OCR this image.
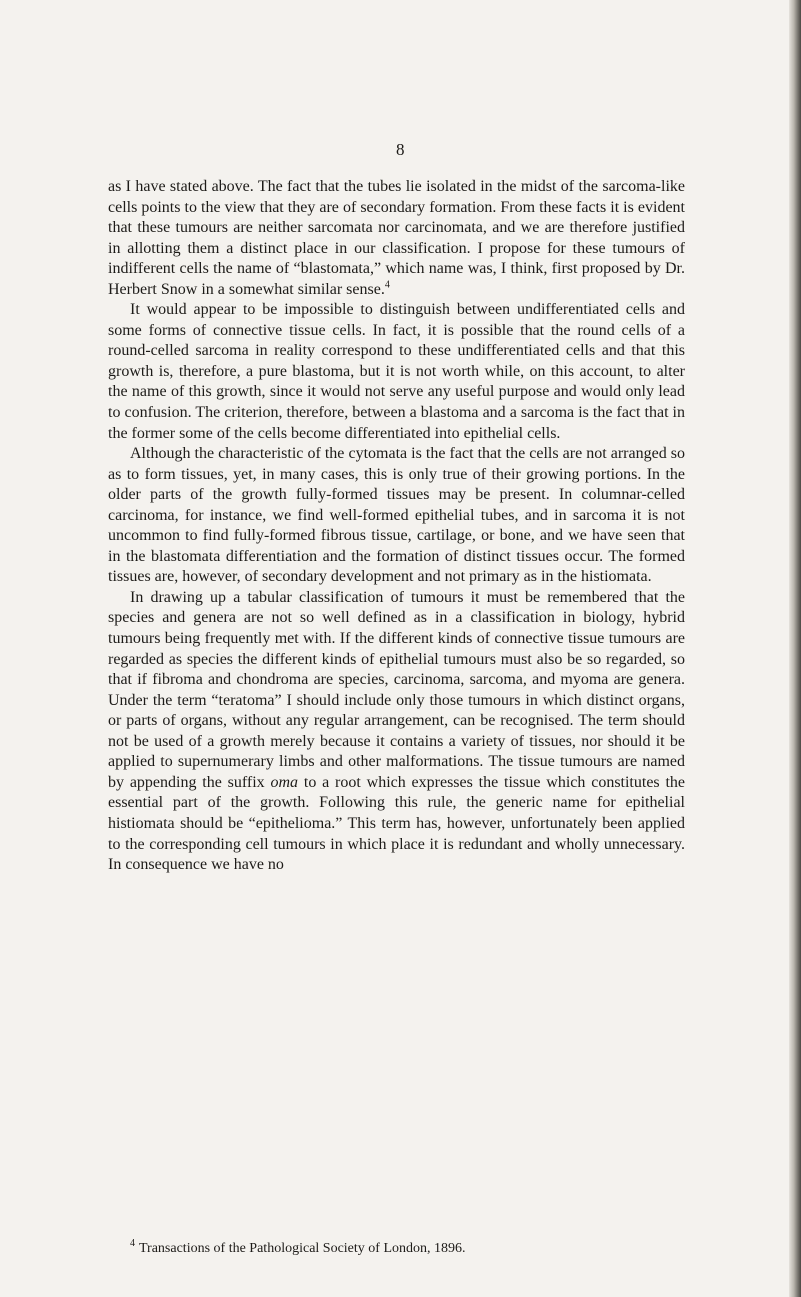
8

as I have stated above. The fact that the tubes lie isolated in the midst of the sarcoma-like cells points to the view that they are of secondary formation. From these facts it is evident that these tumours are neither sarcomata nor carcinomata, and we are therefore justified in allotting them a distinct place in our classification. I propose for these tumours of indifferent cells the name of “blastomata,” which name was, I think, first proposed by Dr. Herbert Snow in a somewhat similar sense.$^4$

It would appear to be impossible to distinguish between undifferentiated cells and some forms of connective tissue cells. In fact, it is possible that the round cells of a round-celled sarcoma in reality correspond to these undifferentiated cells and that this growth is, therefore, a pure blastoma, but it is not worth while, on this account, to alter the name of this growth, since it would not serve any useful purpose and would only lead to confusion. The criterion, therefore, between a blastoma and a sarcoma is the fact that in the former some of the cells become differentiated into epithelial cells.

Although the characteristic of the cytomata is the fact that the cells are not arranged so as to form tissues, yet, in many cases, this is only true of their growing portions. In the older parts of the growth fully-formed tissues may be present. In columnar-celled carcinoma, for instance, we find well-formed epithelial tubes, and in sarcoma it is not uncommon to find fully-formed fibrous tissue, cartilage, or bone, and we have seen that in the blastomata differentiation and the formation of distinct tissues occur. The formed tissues are, however, of secondary development and not primary as in the histiomata.

In drawing up a tabular classification of tumours it must be remembered that the species and genera are not so well defined as in a classification in biology, hybrid tumours being frequently met with. If the different kinds of connective tissue tumours are regarded as species the different kinds of epithelial tumours must also be so regarded, so that if fibroma and chondroma are species, carcinoma, sarcoma, and myoma are genera. Under the term “teratoma” I should include only those tumours in which distinct organs, or parts of organs, without any regular arrangement, can be recognised. The term should not be used of a growth merely because it contains a variety of tissues, nor should it be applied to supernumerary limbs and other malformations. The tissue tumours are named by appending the suffix oma to a root which expresses the tissue which constitutes the essential part of the growth. Following this rule, the generic name for epithelial histiomata should be “epithelioma.” This term has, however, unfortunately been applied to the corresponding cell tumours in which place it is redundant and wholly unnecessary. In consequence we have no

$^4$ Transactions of the Pathological Society of London, 1896.
